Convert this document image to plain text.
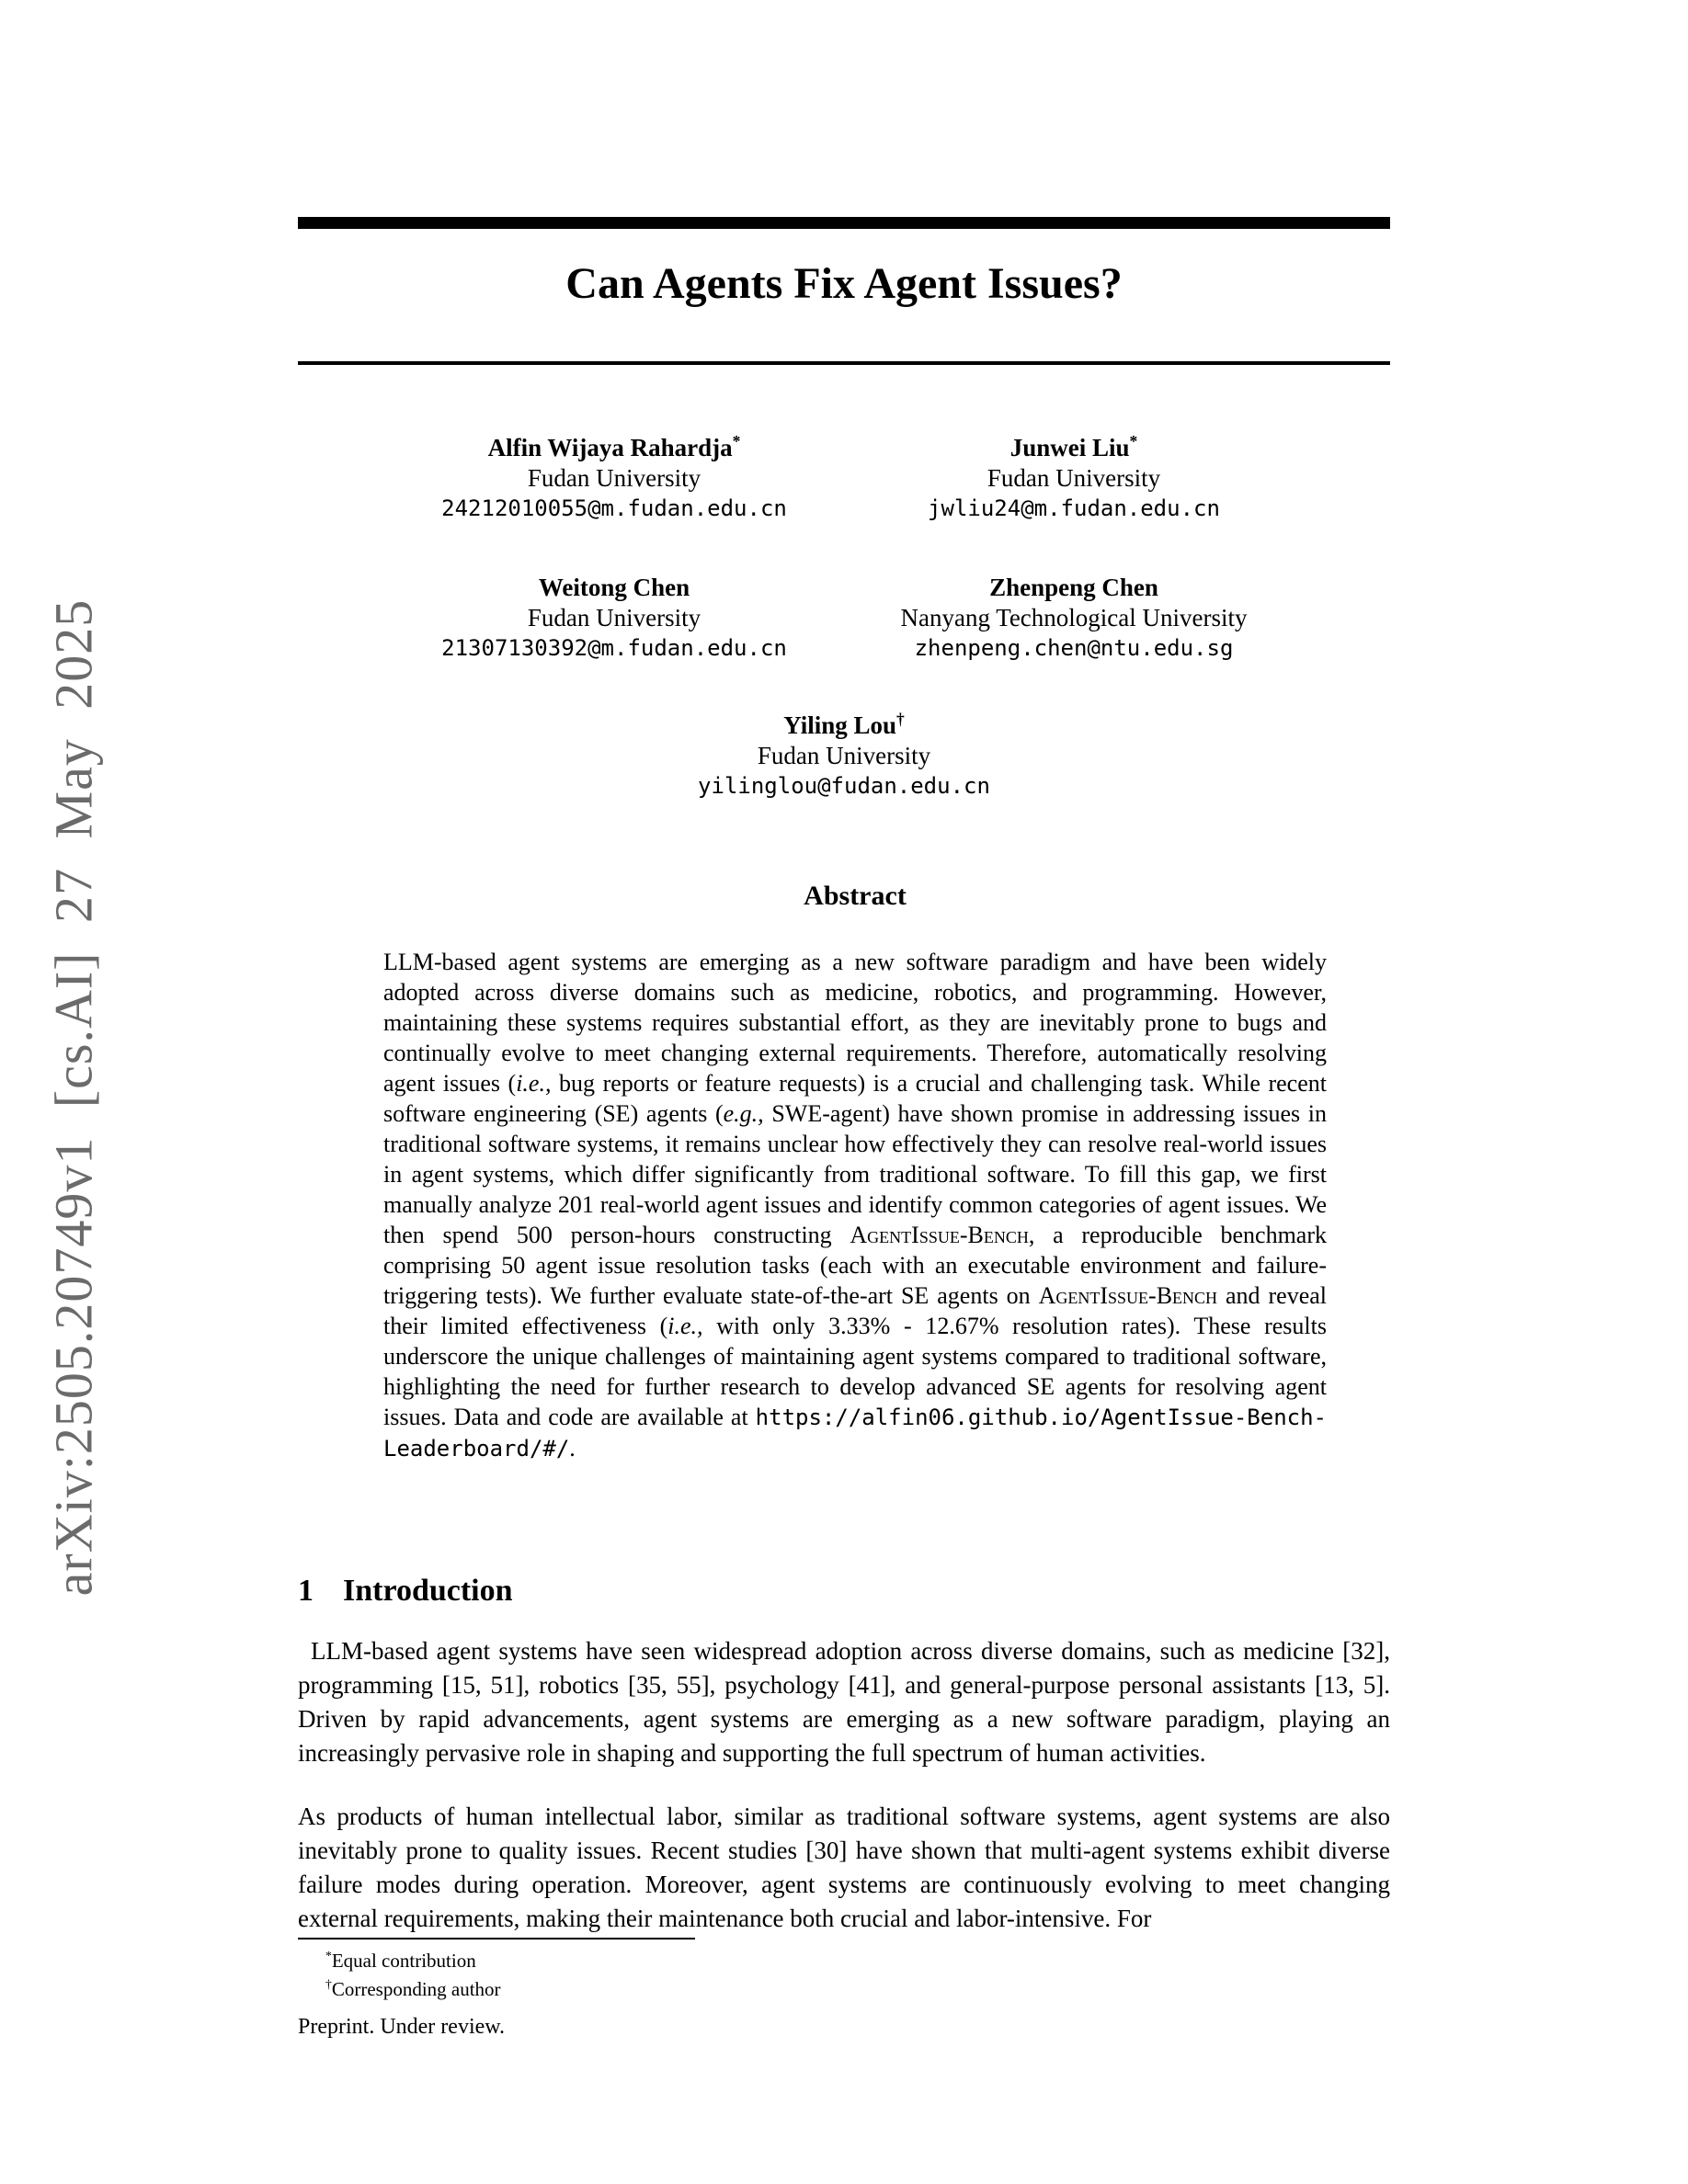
arXiv:2505.20749v1 [cs.AI] 27 May 2025
Can Agents Fix Agent Issues?
Alfin Wijaya Rahardja*
Fudan University
24212010055@m.fudan.edu.cn
Junwei Liu*
Fudan University
jwliu24@m.fudan.edu.cn
Weitong Chen
Fudan University
21307130392@m.fudan.edu.cn
Zhenpeng Chen
Nanyang Technological University
zhenpeng.chen@ntu.edu.sg
Yiling Lou†
Fudan University
yilinglou@fudan.edu.cn
Abstract

LLM-based agent systems are emerging as a new software paradigm and have been widely adopted across diverse domains such as medicine, robotics, and programming. However, maintaining these systems requires substantial effort, as they are inevitably prone to bugs and continually evolve to meet changing external requirements. Therefore, automatically resolving agent issues (i.e., bug reports or feature requests) is a crucial and challenging task. While recent software engineering (SE) agents (e.g., SWE-agent) have shown promise in addressing issues in traditional software systems, it remains unclear how effectively they can resolve real-world issues in agent systems, which differ significantly from traditional software. To fill this gap, we first manually analyze 201 real-world agent issues and identify common categories of agent issues. We then spend 500 person-hours constructing AgentIssue-Bench, a reproducible benchmark comprising 50 agent issue resolution tasks (each with an executable environment and failure-triggering tests). We further evaluate state-of-the-art SE agents on AgentIssue-Bench and reveal their limited effectiveness (i.e., with only 3.33% - 12.67% resolution rates). These results underscore the unique challenges of maintaining agent systems compared to traditional software, highlighting the need for further research to develop advanced SE agents for resolving agent issues. Data and code are available at https://alfin06.github.io/AgentIssue-Bench-Leaderboard/#/.

1 Introduction

LLM-based agent systems have seen widespread adoption across diverse domains, such as medicine [32], programming [15, 51], robotics [35, 55], psychology [41], and general-purpose personal assistants [13, 5]. Driven by rapid advancements, agent systems are emerging as a new software paradigm, playing an increasingly pervasive role in shaping and supporting the full spectrum of human activities.

As products of human intellectual labor, similar as traditional software systems, agent systems are also inevitably prone to quality issues. Recent studies [30] have shown that multi-agent systems exhibit diverse failure modes during operation. Moreover, agent systems are continuously evolving to meet changing external requirements, making their maintenance both crucial and labor-intensive. For

*Equal contribution
†Corresponding author

Preprint. Under review.
